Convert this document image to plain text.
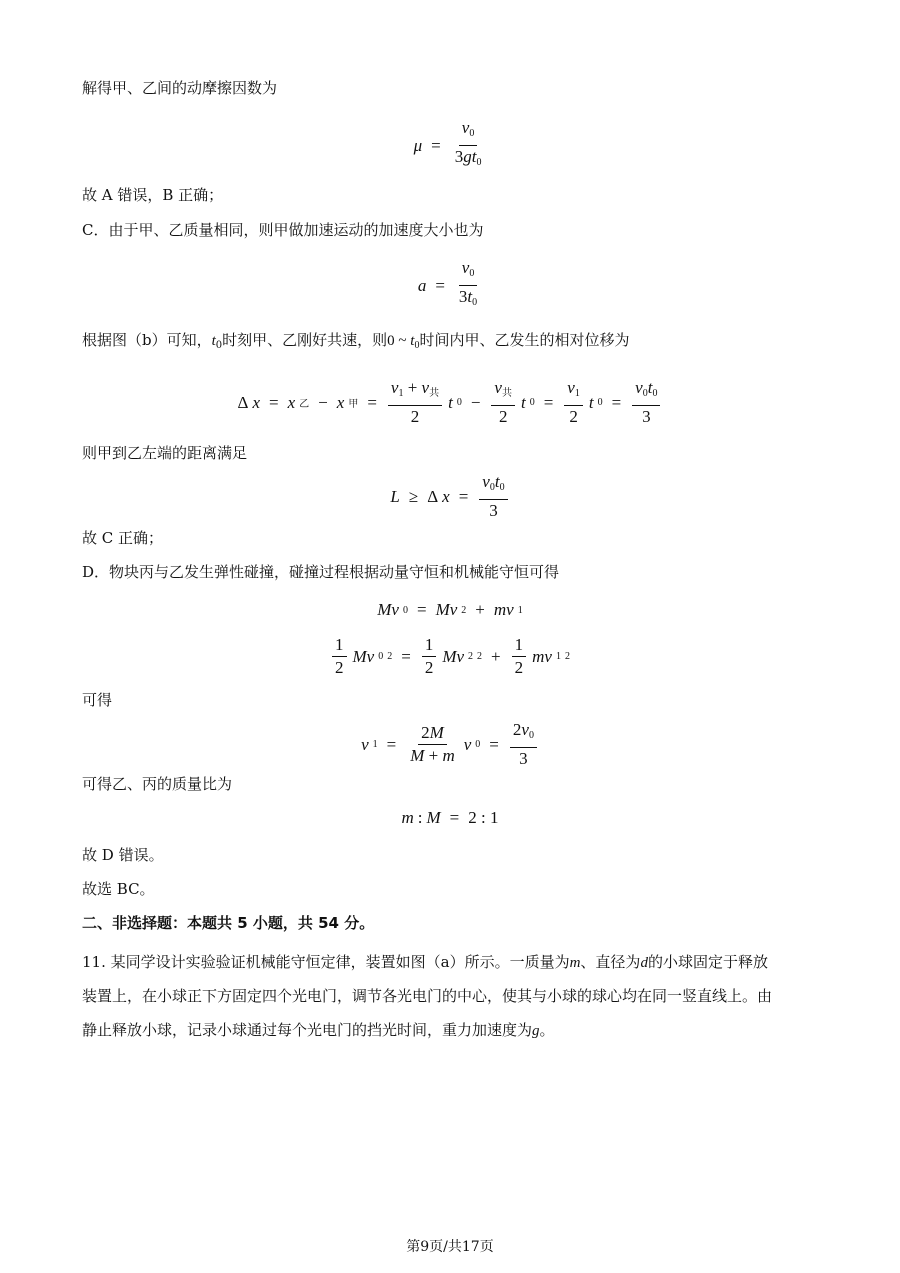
解得甲、乙间的动摩擦因数为
$\mu = \frac{v_0}{3gt_0}$
故 A 错误，B 正确；
C．由于甲、乙质量相同，则甲做加速运动的加速度大小也为
$a = \frac{v_0}{3t_0}$
根据图（b）可知，$t_0$时刻甲、乙刚好共速，则0 ~ $t_0$时间内甲、乙发生的相对位移为
Δ x = x 乙 − x 甲 =
$v_1 + v_共$
2
t 0 −
$v_共$
2
t $0 = \frac{v_1}{2}$ t $0 = \frac{v_0t_0}{3}$
则甲到乙左端的距离满足
L ≥ Δ $x = \frac{v_0t_0}{3}$
故 C 正确；
D．物块丙与乙发生弹性碰撞，碰撞过程根据动量守恒和机械能守恒可得
Mv 0 = Mv 2 + mv 1
1
2
Mv 0 $2 = \frac{1}{2}$ Mv 2 $2 + \frac{1}{2}$ mv 1 2
可得
v $1 = \frac{2M}{M + m}$ v $0 = \frac{2v_0}{3}$
可得乙、丙的质量比为
m : M = 2 : 1
故 D 错误。
故选 BC。
二、非选择题：本题共 5 小题，共 54 分。
11. 某同学设计实验验证机械能守恒定律，装置如图（a）所示。一质量为m、直径为d的小球固定于释放
装置上，在小球正下方固定四个光电门，调节各光电门的中心，使其与小球的球心均在同一竖直线上。由
静止释放小球，记录小球通过每个光电门的挡光时间，重力加速度为g。
第9页/共17页
